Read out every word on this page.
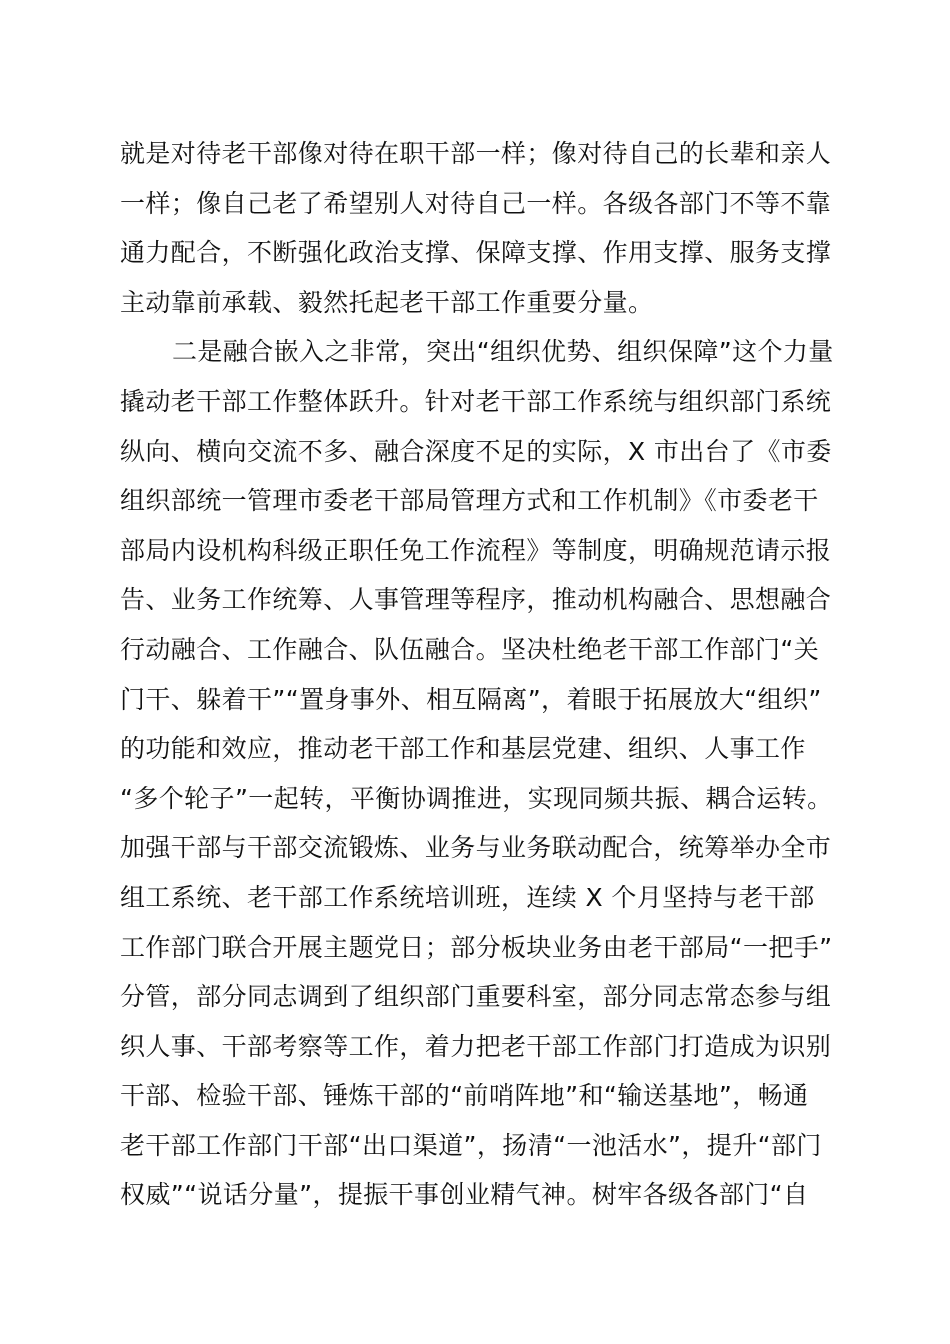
就是对待老干部像对待在职干部一样；像对待自己的长辈和亲人
一样；像自己老了希望别人对待自己一样。各级各部门不等不靠
通力配合，不断强化政治支撑、保障支撑、作用支撑、服务支撑
主动靠前承载、毅然托起老干部工作重要分量。
二是融合嵌入之非常，突出“组织优势、组织保障”这个力量
撬动老干部工作整体跃升。针对老干部工作系统与组织部门系统
纵向、横向交流不多、融合深度不足的实际，X 市出台了《市委
组织部统一管理市委老干部局管理方式和工作机制》《市委老干
部局内设机构科级正职任免工作流程》等制度，明确规范请示报
告、业务工作统筹、人事管理等程序，推动机构融合、思想融合
行动融合、工作融合、队伍融合。坚决杜绝老干部工作部门“关
门干、躲着干”“置身事外、相互隔离”，着眼于拓展放大“组织”
的功能和效应，推动老干部工作和基层党建、组织、人事工作
“多个轮子”一起转，平衡协调推进，实现同频共振、耦合运转。
加强干部与干部交流锻炼、业务与业务联动配合，统筹举办全市
组工系统、老干部工作系统培训班，连续 X 个月坚持与老干部
工作部门联合开展主题党日；部分板块业务由老干部局“一把手”
分管，部分同志调到了组织部门重要科室，部分同志常态参与组
织人事、干部考察等工作，着力把老干部工作部门打造成为识别
干部、检验干部、锤炼干部的“前哨阵地”和“输送基地”，畅通
老干部工作部门干部“出口渠道”，扬清“一池活水”，提升“部门
权威”“说话分量”，提振干事创业精气神。树牢各级各部门“自
